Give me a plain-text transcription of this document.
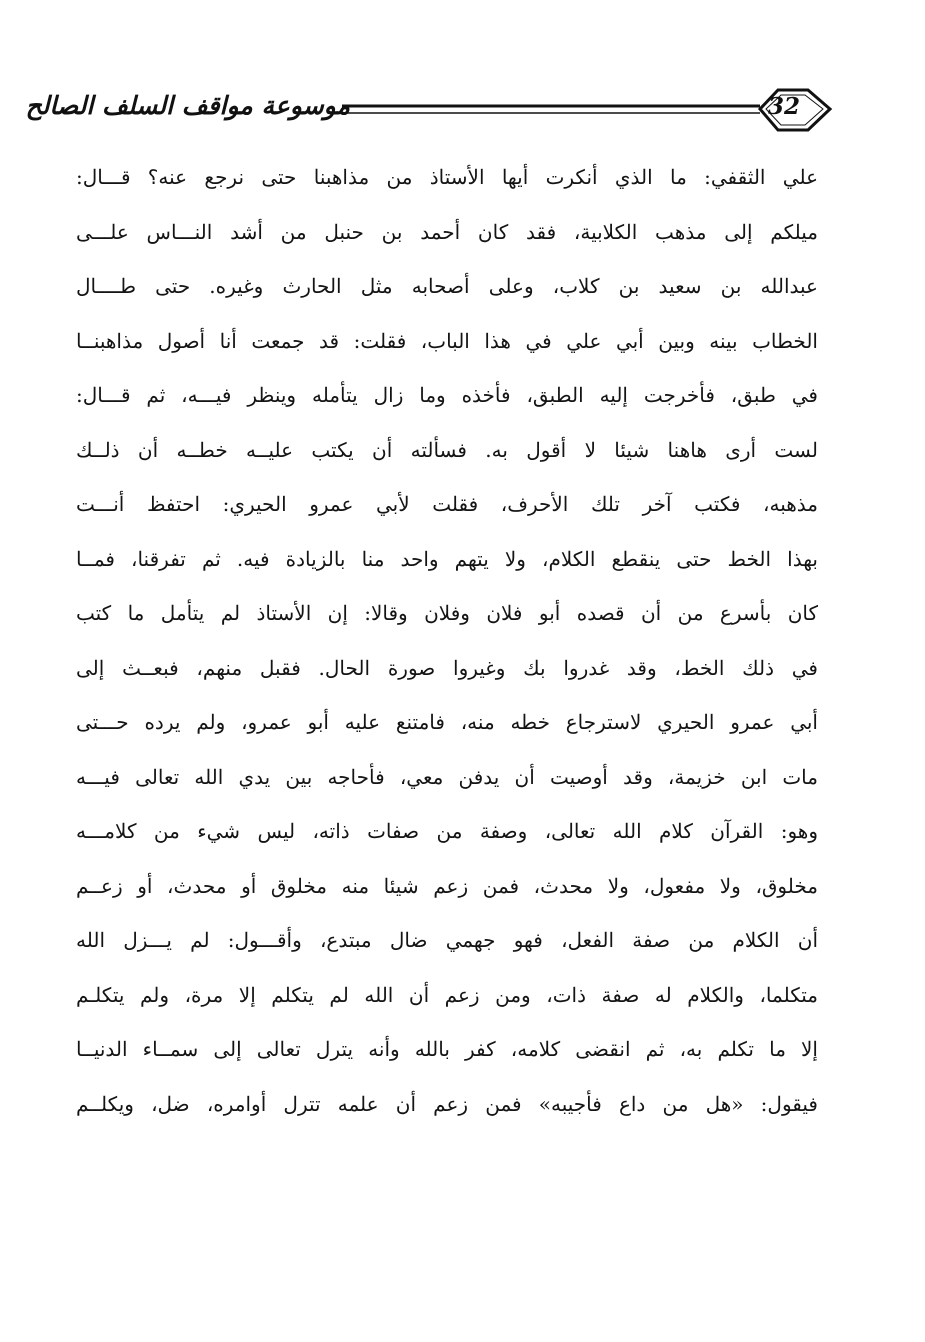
موسوعة مواقف السلف الصالح	32
علي الثقفي: ما الذي أنكرت أيها الأستاذ من مذاهبنا حتى نرجع عنه؟ قـــال:
ميلكم إلى مذهب الكلابية، فقد كان أحمد بن حنبل من أشد النـــاس علـــى
عبدالله بن سعيد بن كلاب، وعلى أصحابه مثل الحارث وغيره. حتى طــــال
الخطاب بينه وبين أبي علي في هذا الباب، فقلت: قد جمعت أنا أصول مذاهبنــا
في طبق، فأخرجت إليه الطبق، فأخذه وما زال يتأمله وينظر فيـــه، ثم قـــال:
لست أرى هاهنا شيئا لا أقول به. فسألته أن يكتب عليــه خطــه أن ذلــك
مذهبه، فكتب آخر تلك الأحرف، فقلت لأبي عمرو الحيري: احتفظ أنـــت
بهذا الخط حتى ينقطع الكلام، ولا يتهم واحد منا بالزيادة فيه. ثم تفرقنا، فمــا
كان بأسرع من أن قصده أبو فلان وفلان وقالا: إن الأستاذ لم يتأمل ما كتب
في ذلك الخط، وقد غدروا بك وغيروا صورة الحال. فقبل منهم، فبعــث إلى
أبي عمرو الحيري لاسترجاع خطه منه، فامتنع عليه أبو عمرو، ولم يرده حـــتى
مات ابن خزيمة، وقد أوصيت أن يدفن معي، فأحاجه بين يدي الله تعالى فيـــه
وهو: القرآن كلام الله تعالى، وصفة من صفات ذاته، ليس شيء من كلامـــه
مخلوق، ولا مفعول، ولا محدث، فمن زعم شيئا منه مخلوق أو محدث، أو زعــم
أن الكلام من صفة الفعل، فهو جهمي ضال مبتدع، وأقـــول: لم يـــزل الله
متكلما، والكلام له صفة ذات، ومن زعم أن الله لم يتكلم إلا مرة، ولم يتكلـم
إلا ما تكلم به، ثم انقضى كلامه، كفر بالله وأنه يترل تعالى إلى سمــاء الدنيــا
فيقول: «هل من داع فأجيبه» فمن زعم أن علمه تترل أوامره، ضل، ويكلــم
